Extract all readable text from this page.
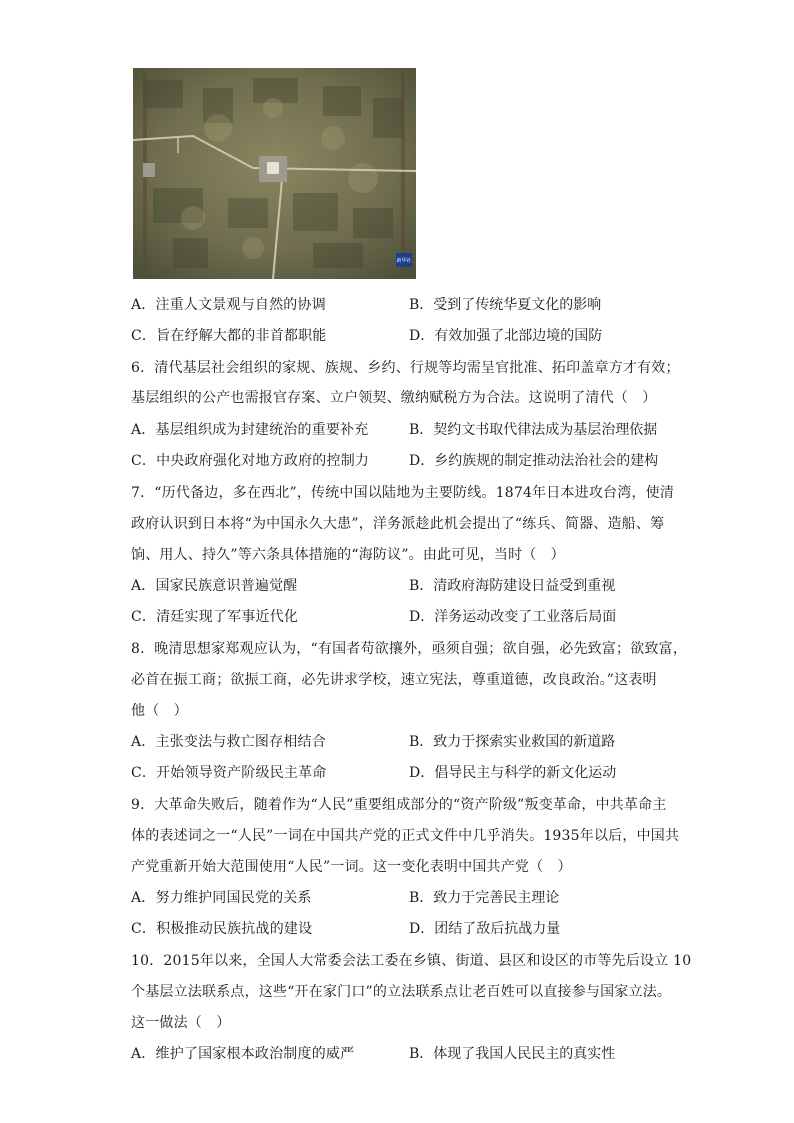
新华社
A．注重人文景观与自然的协调	B．受到了传统华夏文化的影响
C．旨在纾解大都的非首都职能	D．有效加强了北部边境的国防
6．清代基层社会组织的家规、族规、乡约、行规等均需呈官批准、拓印盖章方才有效；
基层组织的公产也需报官存案、立户领契、缴纳赋税方为合法。这说明了清代（　）
A．基层组织成为封建统治的重要补充	B．契约文书取代律法成为基层治理依据
C．中央政府强化对地方政府的控制力	D．乡约族规的制定推动法治社会的建构
7．“历代备边，多在西北”，传统中国以陆地为主要防线。1874年日本进攻台湾，使清
政府认识到日本将“为中国永久大患”，洋务派趁此机会提出了“练兵、简器、造船、筹
饷、用人、持久”等六条具体措施的“海防议”。由此可见，当时（　）
A．国家民族意识普遍觉醒	B．清政府海防建设日益受到重视
C．清廷实现了军事近代化	D．洋务运动改变了工业落后局面
8．晚清思想家郑观应认为，“有国者苟欲攘外，亟须自强；欲自强，必先致富；欲致富，
必首在振工商；欲振工商，必先讲求学校，速立宪法，尊重道德，改良政治。”这表明
他（　）
A．主张变法与救亡图存相结合	B．致力于探索实业救国的新道路
C．开始领导资产阶级民主革命	D．倡导民主与科学的新文化运动
9．大革命失败后，随着作为“人民”重要组成部分的“资产阶级”叛变革命，中共革命主
体的表述词之一“人民”一词在中国共产党的正式文件中几乎消失。1935年以后，中国共
产党重新开始大范围使用“人民”一词。这一变化表明中国共产党（　）
A．努力维护同国民党的关系	B．致力于完善民主理论
C．积极推动民族抗战的建设	D．团结了敌后抗战力量
10．2015年以来，全国人大常委会法工委在乡镇、街道、县区和设区的市等先后设立 10
个基层立法联系点，这些“开在家门口”的立法联系点让老百姓可以直接参与国家立法。
这一做法（　）
A．维护了国家根本政治制度的威严	B．体现了我国人民民主的真实性
